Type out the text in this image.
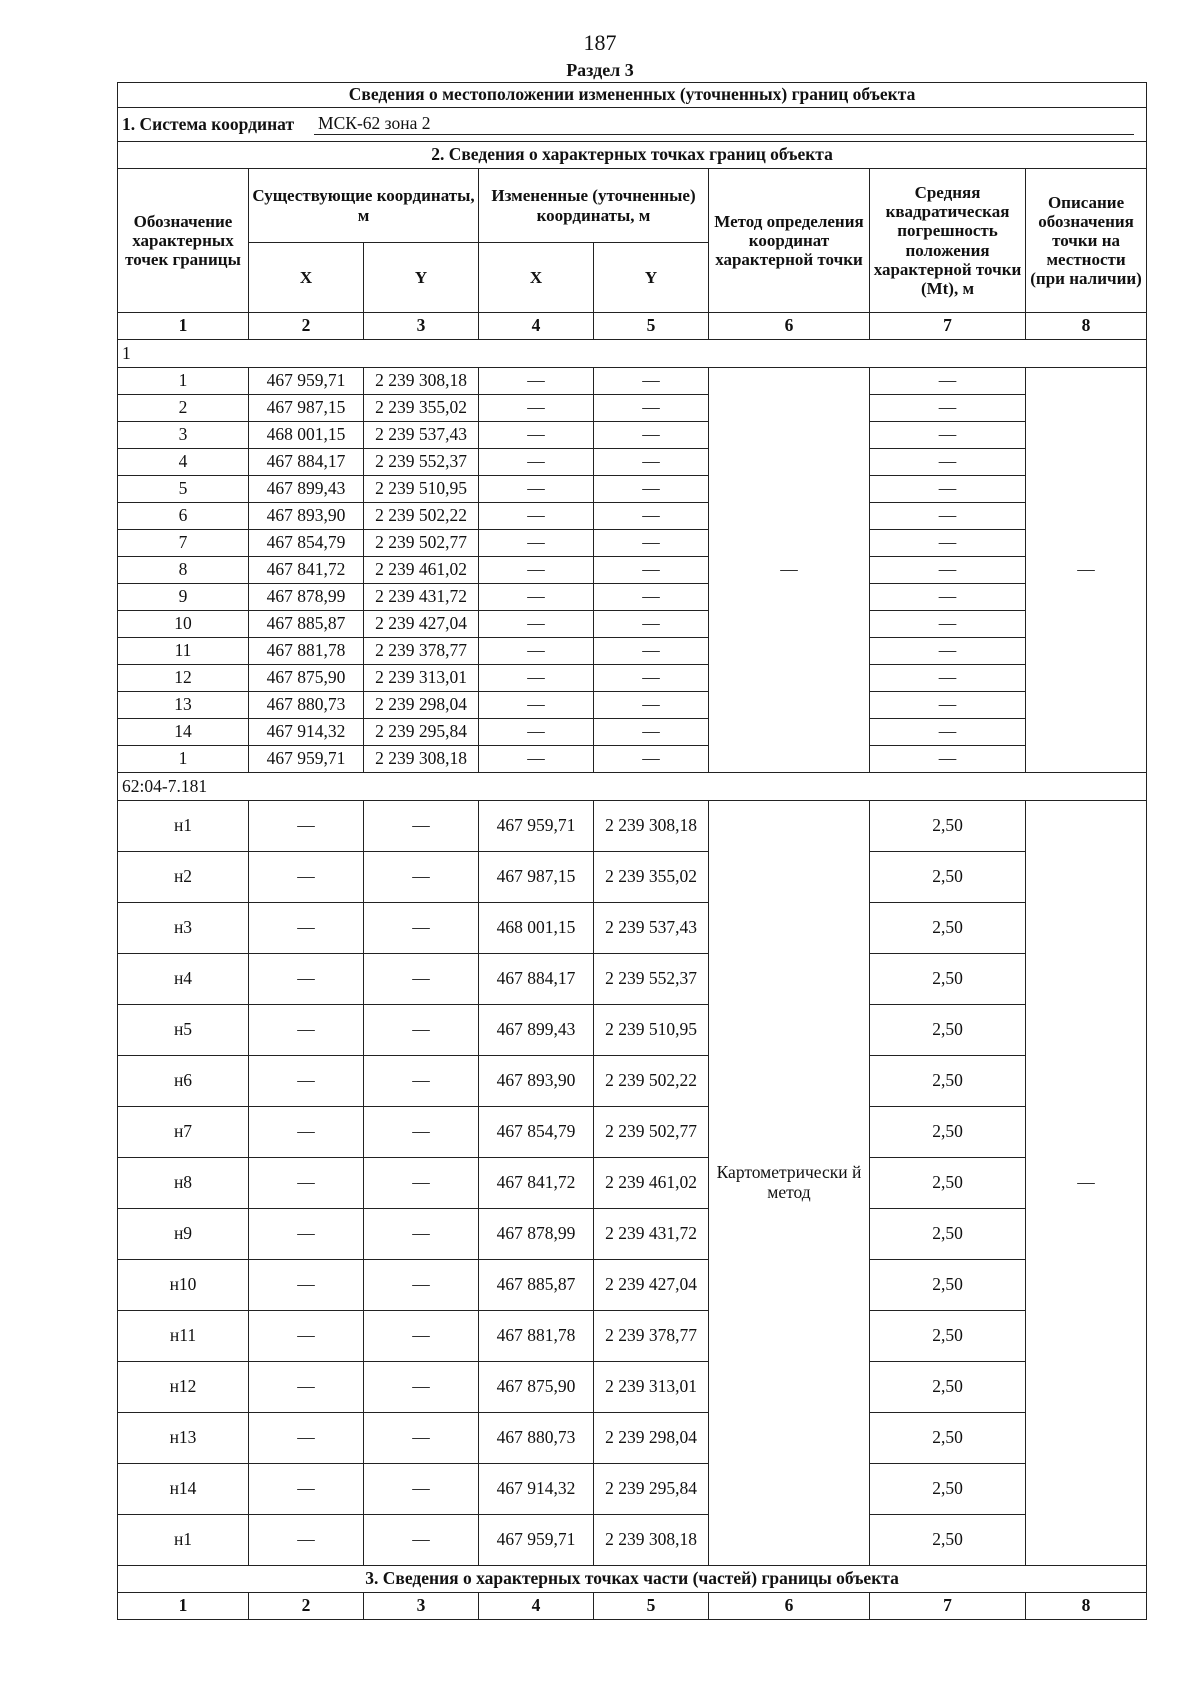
187
Раздел 3
Сведения о местоположении измененных (уточненных) границ объекта							

1. Система координат МСК-62 зона 2							

2. Сведения о характерных точках границ объекта							
Обозначение характерных точек границы	Существующие координаты, м		Измененные (уточненные) координаты, м		Метод определения координат характерной точки	Средняя квадратическая погрешность положения характерной точки (Mt), м	Описание обозначения точки на местности (при наличии)
	X	Y	X	Y			
1	2	3	4	5	6	7	8
1							
1	467 959,71	2 239 308,18	—	—	—	—	—
2	467 987,15	2 239 355,02	—	—		—	
3	468 001,15	2 239 537,43	—	—		—	
4	467 884,17	2 239 552,37	—	—		—	
5	467 899,43	2 239 510,95	—	—		—	
6	467 893,90	2 239 502,22	—	—		—	
7	467 854,79	2 239 502,77	—	—		—	
8	467 841,72	2 239 461,02	—	—		—	
9	467 878,99	2 239 431,72	—	—		—	
10	467 885,87	2 239 427,04	—	—		—	
11	467 881,78	2 239 378,77	—	—		—	
12	467 875,90	2 239 313,01	—	—		—	
13	467 880,73	2 239 298,04	—	—		—	
14	467 914,32	2 239 295,84	—	—		—	
1	467 959,71	2 239 308,18	—	—		—	
62:04-7.181							
н1	—	—	467 959,71	2 239 308,18	Картометрически й метод	2,50	—
н2	—	—	467 987,15	2 239 355,02		2,50	
н3	—	—	468 001,15	2 239 537,43		2,50	
н4	—	—	467 884,17	2 239 552,37		2,50	
н5	—	—	467 899,43	2 239 510,95		2,50	
н6	—	—	467 893,90	2 239 502,22		2,50	
н7	—	—	467 854,79	2 239 502,77		2,50	
н8	—	—	467 841,72	2 239 461,02		2,50	
н9	—	—	467 878,99	2 239 431,72		2,50	
н10	—	—	467 885,87	2 239 427,04		2,50	
н11	—	—	467 881,78	2 239 378,77		2,50	
н12	—	—	467 875,90	2 239 313,01		2,50	
н13	—	—	467 880,73	2 239 298,04		2,50	
н14	—	—	467 914,32	2 239 295,84		2,50	
н1	—	—	467 959,71	2 239 308,18		2,50	
3. Сведения о характерных точках части (частей) границы объекта							
1	2	3	4	5	6	7	8
